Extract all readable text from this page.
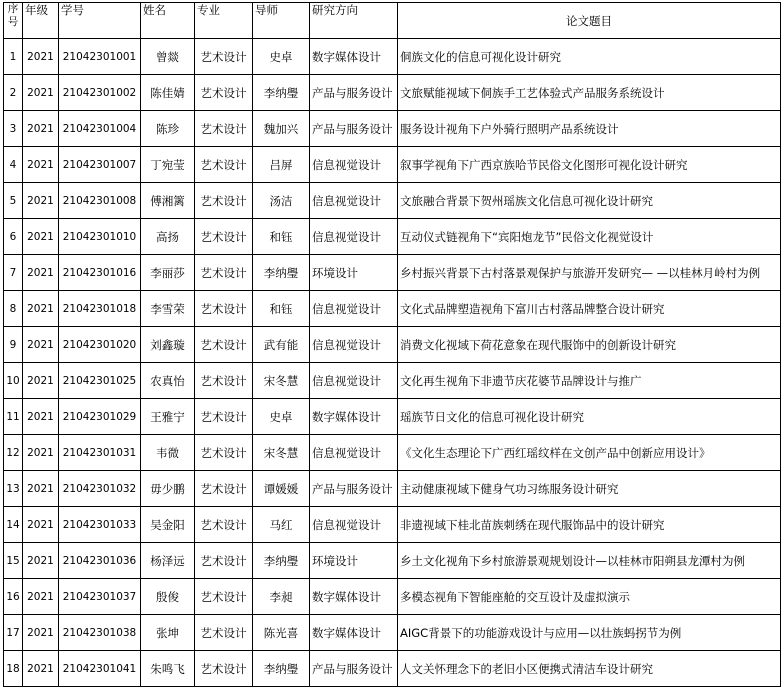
序号	年级	学号	姓名	专业	导师	研究方向	论文题目
1	2021	21042301001	曾燚	艺术设计	史卓	数字媒体设计	侗族文化的信息可视化设计研究
2	2021	21042301002	陈佳婧	艺术设计	李纳璺	产品与服务设计	文旅赋能视域下侗族手工艺体验式产品服务系统设计
3	2021	21042301004	陈珍	艺术设计	魏加兴	产品与服务设计	服务设计视角下户外骑行照明产品系统设计
4	2021	21042301007	丁宛莹	艺术设计	吕屏	信息视觉设计	叙事学视角下广西京族哈节民俗文化图形可视化设计研究
5	2021	21042301008	傅湘篱	艺术设计	汤洁	信息视觉设计	文旅融合背景下贺州瑶族文化信息可视化设计研究
6	2021	21042301010	高扬	艺术设计	和钰	信息视觉设计	互动仪式链视角下“宾阳炮龙节”民俗文化视觉设计
7	2021	21042301016	李丽莎	艺术设计	李纳璺	环境设计	乡村振兴背景下古村落景观保护与旅游开发研究— —以桂林月岭村为例
8	2021	21042301018	李雪荣	艺术设计	和钰	信息视觉设计	文化式品牌塑造视角下富川古村落品牌整合设计研究
9	2021	21042301020	刘鑫璇	艺术设计	武有能	信息视觉设计	消费文化视域下荷花意象在现代服饰中的创新设计研究
10	2021	21042301025	农真怡	艺术设计	宋冬慧	信息视觉设计	文化再生视角下非遗节庆花婆节品牌设计与推广
11	2021	21042301029	王雅宁	艺术设计	史卓	数字媒体设计	瑶族节日文化的信息可视化设计研究
12	2021	21042301031	韦微	艺术设计	宋冬慧	信息视觉设计	《文化生态理论下广西红瑶纹样在文创产品中创新应用设计》
13	2021	21042301032	毋少鹏	艺术设计	谭媛媛	产品与服务设计	主动健康视域下健身气功习练服务设计研究
14	2021	21042301033	吴金阳	艺术设计	马红	信息视觉设计	非遗视域下桂北苗族刺绣在现代服饰品中的设计研究
15	2021	21042301036	杨泽远	艺术设计	李纳璺	环境设计	乡土文化视角下乡村旅游景观规划设计—以桂林市阳朔县龙潭村为例
16	2021	21042301037	殷俊	艺术设计	李昶	数字媒体设计	多模态视角下智能座舱的交互设计及虚拟演示
17	2021	21042301038	张坤	艺术设计	陈光喜	数字媒体设计	AIGC背景下的功能游戏设计与应用—以壮族蚂拐节为例
18	2021	21042301041	朱鸣飞	艺术设计	李纳璺	产品与服务设计	人文关怀理念下的老旧小区便携式清洁车设计研究
